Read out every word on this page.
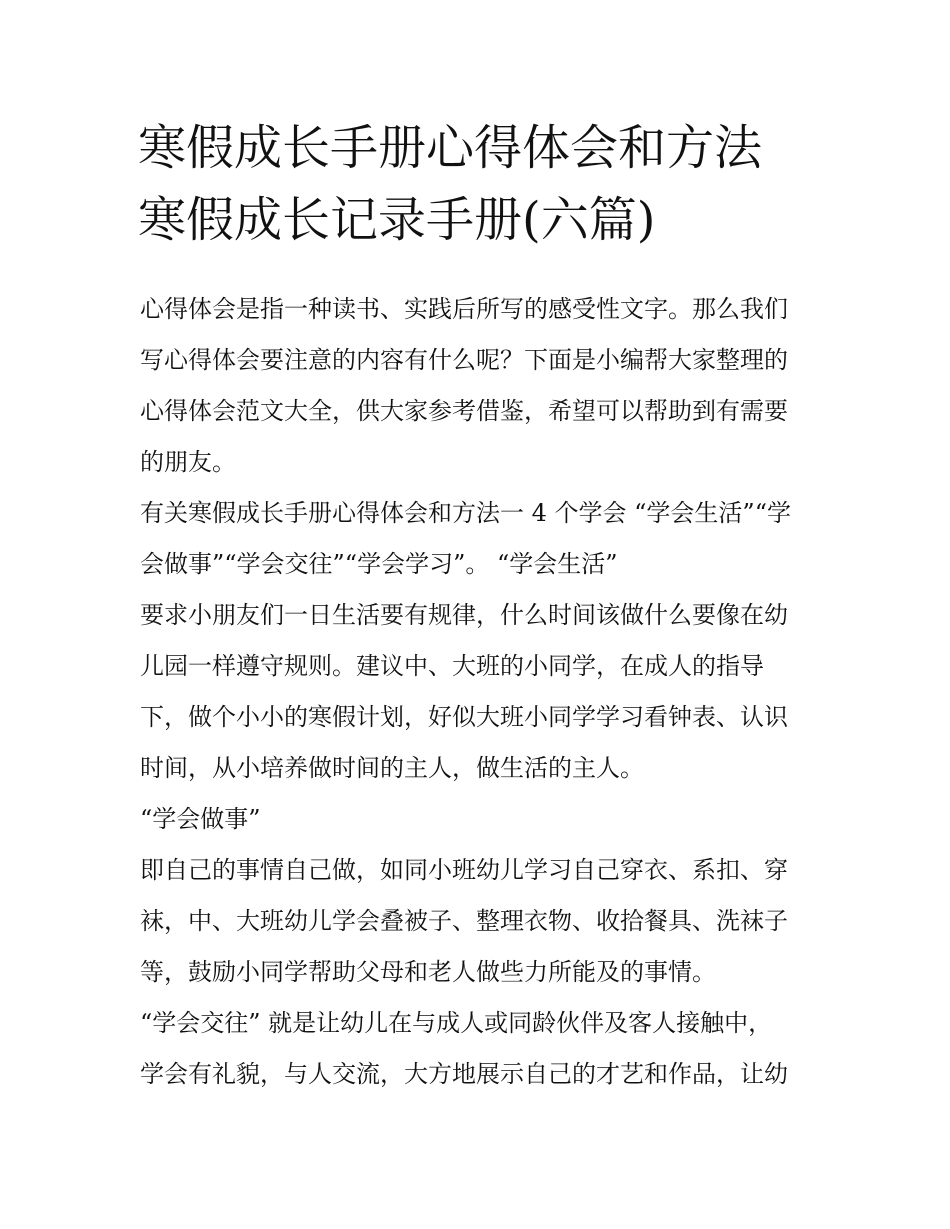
寒假成长手册心得体会和方法
寒假成长记录手册(六篇)
心得体会是指一种读书、实践后所写的感受性文字。那么我们
写心得体会要注意的内容有什么呢？下面是小编帮大家整理的
心得体会范文大全，供大家参考借鉴，希望可以帮助到有需要
的朋友。
有关寒假成长手册心得体会和方法一 4 个学会 “学会生活”“学
会做事”“学会交往”“学会学习”。 “学会生活”
要求小朋友们一日生活要有规律，什么时间该做什么要像在幼
儿园一样遵守规则。建议中、大班的小同学，在成人的指导
下，做个小小的寒假计划，好似大班小同学学习看钟表、认识
时间，从小培养做时间的主人，做生活的主人。
“学会做事”
即自己的事情自己做，如同小班幼儿学习自己穿衣、系扣、穿
袜，中、大班幼儿学会叠被子、整理衣物、收拾餐具、洗袜子
等，鼓励小同学帮助父母和老人做些力所能及的事情。
“学会交往” 就是让幼儿在与成人或同龄伙伴及客人接触中，
学会有礼貌，与人交流，大方地展示自己的才艺和作品，让幼
